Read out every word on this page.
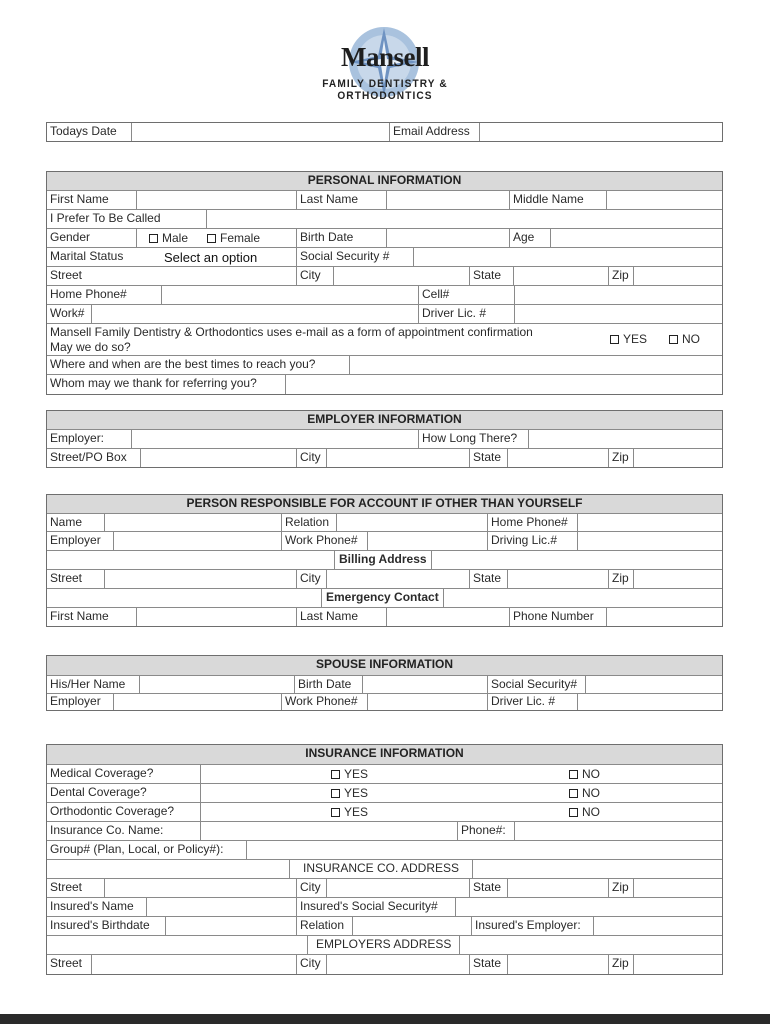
Mansell
FAMILY DENTISTRY & ORTHODONTICS
Todays Date	Email Address
PERSONAL INFORMATION
First Name	Last Name	Middle Name
I Prefer To Be Called
Gender	Male	Female	Birth Date	Age
Marital Status	Select an option	Social Security #
Street	City	State	Zip
Home Phone#	Cell#
Work#	Driver Lic. #
Mansell Family Dentistry & Orthodontics uses e-mail as a form of appointment confirmation
May we do so?
YES	NO
Where and when are the best times to reach you?
Whom may we thank for referring you?
EMPLOYER INFORMATION
Employer:	How Long There?
Street/PO Box	City	State	Zip
PERSON RESPONSIBLE FOR ACCOUNT IF OTHER THAN YOURSELF
Name	Relation	Home Phone#
Employer	Work Phone#	Driving Lic.#
Billing Address
Street	City	State	Zip
Emergency Contact
First Name	Last Name	Phone Number
SPOUSE INFORMATION
His/Her Name	Birth Date	Social Security#
Employer	Work Phone#	Driver Lic. #
INSURANCE INFORMATION
Medical Coverage?	YES	NO
Dental Coverage?	YES	NO
Orthodontic Coverage?	YES	NO
Insurance Co. Name:	Phone#:
Group# (Plan, Local, or Policy#):
INSURANCE CO. ADDRESS
Street	City	State	Zip
Insured's Name	Insured's Social Security#
Insured's Birthdate	Relation	Insured's Employer:
EMPLOYERS ADDRESS
Street	City	State	Zip
